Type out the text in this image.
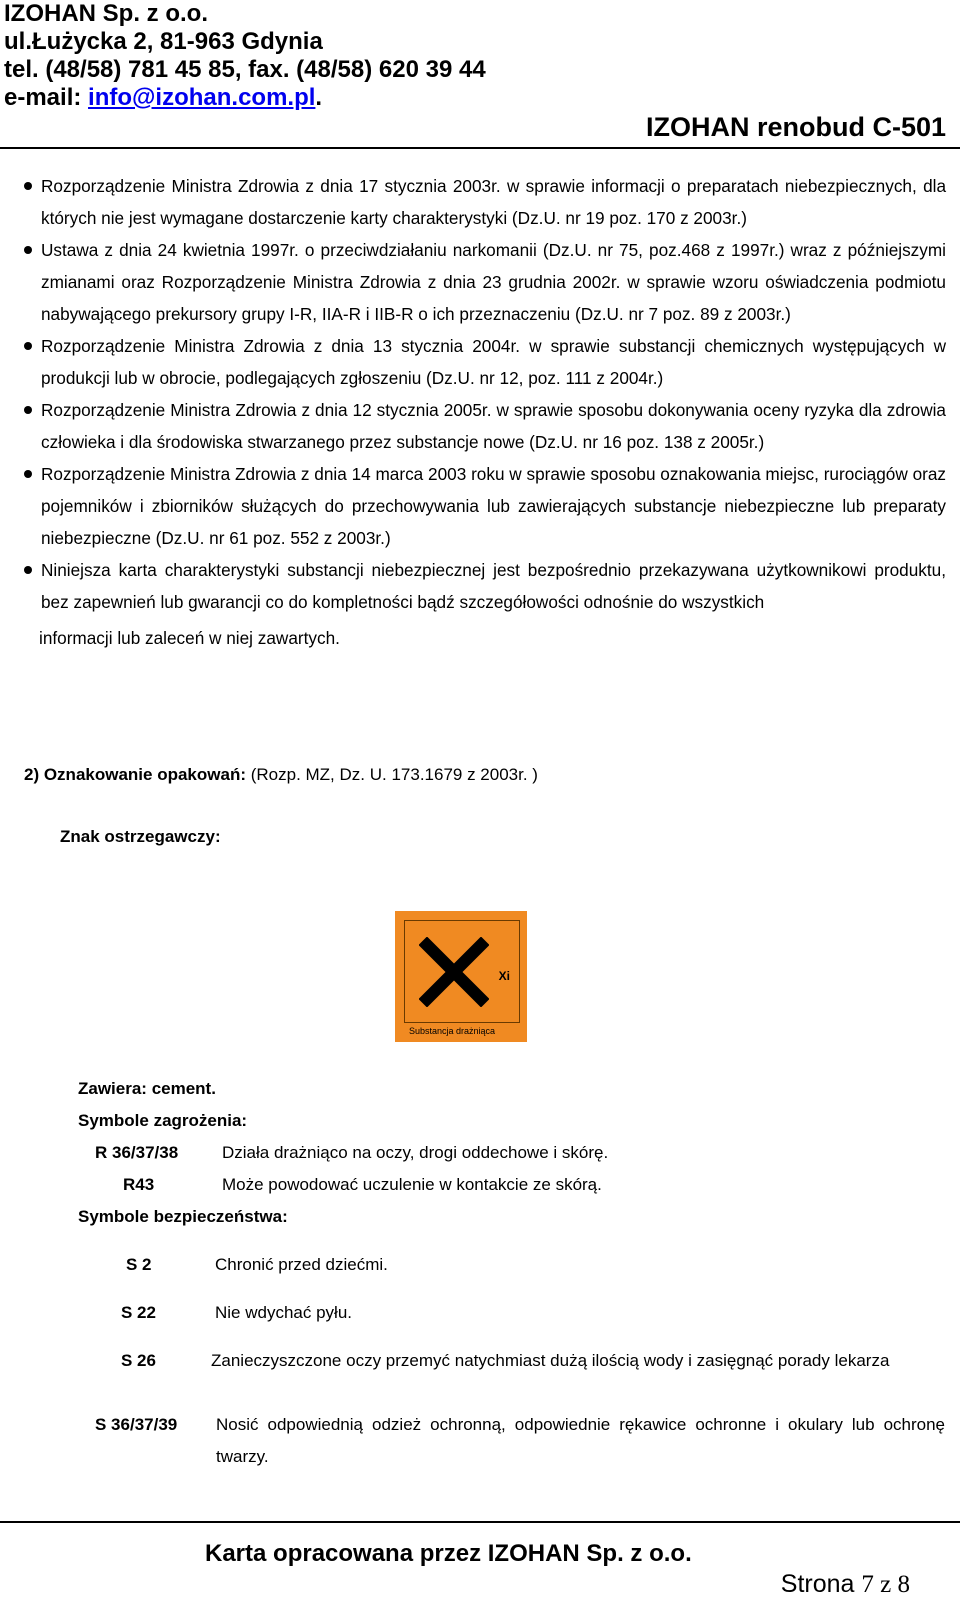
IZOHAN Sp. z o.o.
ul.Łużycka 2, 81-963 Gdynia
tel. (48/58) 781 45 85, fax. (48/58) 620 39 44
e-mail: info@izohan.com.pl.
IZOHAN renobud C-501

Rozporządzenie Ministra Zdrowia z dnia 17 stycznia 2003r. w sprawie informacji o preparatach niebezpiecznych, dla których nie jest wymagane dostarczenie karty charakterystyki (Dz.U. nr 19 poz. 170 z 2003r.)

Ustawa z dnia 24 kwietnia 1997r. o przeciwdziałaniu narkomanii (Dz.U. nr 75, poz.468 z 1997r.) wraz z późniejszymi zmianami oraz Rozporządzenie Ministra Zdrowia z dnia 23 grudnia 2002r. w sprawie wzoru oświadczenia podmiotu nabywającego prekursory grupy I-R, IIA-R i IIB-R o ich przeznaczeniu (Dz.U. nr 7 poz. 89 z 2003r.)

Rozporządzenie Ministra Zdrowia z dnia 13 stycznia 2004r. w sprawie substancji chemicznych występujących w produkcji lub w obrocie, podlegających zgłoszeniu (Dz.U. nr 12, poz. 111 z 2004r.)

Rozporządzenie Ministra Zdrowia z dnia 12 stycznia 2005r. w sprawie sposobu dokonywania oceny ryzyka dla zdrowia człowieka i dla środowiska stwarzanego przez substancje nowe (Dz.U. nr 16 poz. 138 z 2005r.)

Rozporządzenie Ministra Zdrowia z dnia 14 marca 2003 roku w sprawie sposobu oznakowania miejsc, rurociągów oraz pojemników i zbiorników służących do przechowywania lub zawierających substancje niebezpieczne lub preparaty niebezpieczne (Dz.U. nr 61 poz. 552 z 2003r.)

Niniejsza karta charakterystyki substancji niebezpiecznej jest bezpośrednio przekazywana użytkownikowi produktu, bez zapewnień lub gwarancji co do kompletności bądź szczegółowości odnośnie do wszystkich

informacji lub zaleceń w niej zawartych.
2) Oznakowanie opakowań: (Rozp. MZ, Dz. U. 173.1679 z 2003r. )
Znak ostrzegawczy:
Xi
Substancja drażniąca
Zawiera: cement.
Symbole zagrożenia:
R 36/37/38	Działa drażniąco na oczy, drogi oddechowe i skórę.
R43	Może powodować uczulenie w kontakcie ze skórą.
Symbole bezpieczeństwa:
S 2	Chronić przed dziećmi.
S 22	Nie wdychać pyłu.
S 26	Zanieczyszczone oczy przemyć natychmiast dużą ilością wody i zasięgnąć porady lekarza
S 36/37/39 Nosić odpowiednią odzież ochronną, odpowiednie rękawice ochronne i okulary lub ochronę twarzy.
Karta opracowana przez IZOHAN Sp. z o.o.
Strona 7 z 8
